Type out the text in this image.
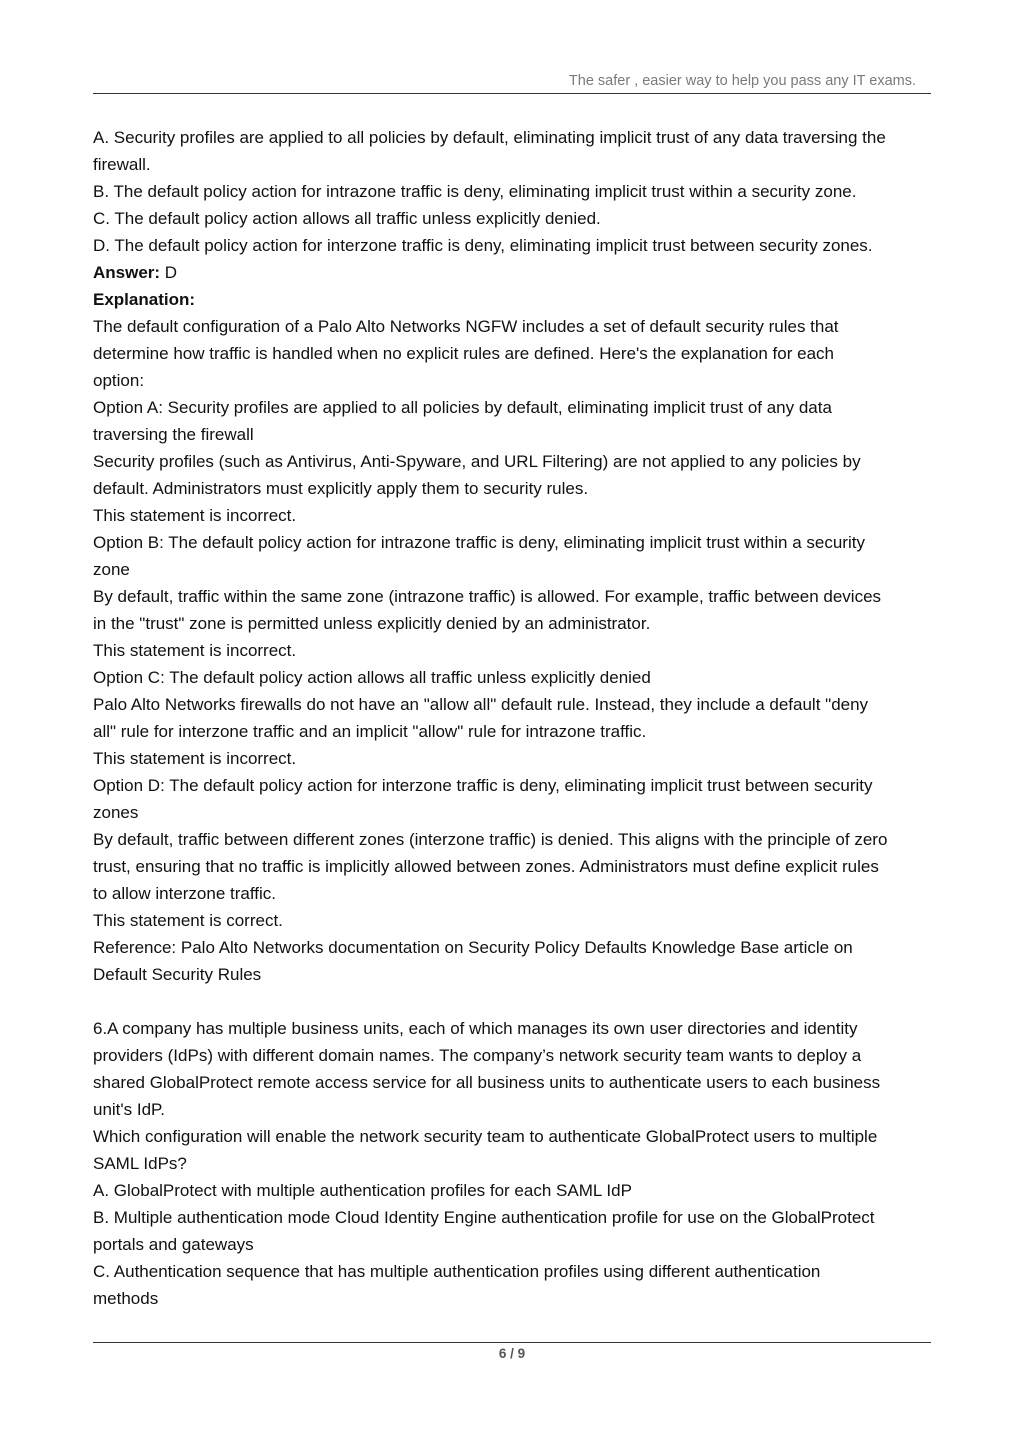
The safer , easier way to help you pass any IT exams.

A. Security profiles are applied to all policies by default, eliminating implicit trust of any data traversing the

firewall.

B. The default policy action for intrazone traffic is deny, eliminating implicit trust within a security zone.

C. The default policy action allows all traffic unless explicitly denied.

D. The default policy action for interzone traffic is deny, eliminating implicit trust between security zones.

Answer: D

Explanation:

The default configuration of a Palo Alto Networks NGFW includes a set of default security rules that

determine how traffic is handled when no explicit rules are defined. Here's the explanation for each

option:

Option A: Security profiles are applied to all policies by default, eliminating implicit trust of any data

traversing the firewall

Security profiles (such as Antivirus, Anti-Spyware, and URL Filtering) are not applied to any policies by

default. Administrators must explicitly apply them to security rules.

This statement is incorrect.

Option B: The default policy action for intrazone traffic is deny, eliminating implicit trust within a security

zone

By default, traffic within the same zone (intrazone traffic) is allowed. For example, traffic between devices

in the "trust" zone is permitted unless explicitly denied by an administrator.

This statement is incorrect.

Option C: The default policy action allows all traffic unless explicitly denied

Palo Alto Networks firewalls do not have an "allow all" default rule. Instead, they include a default "deny

all" rule for interzone traffic and an implicit "allow" rule for intrazone traffic.

This statement is incorrect.

Option D: The default policy action for interzone traffic is deny, eliminating implicit trust between security

zones

By default, traffic between different zones (interzone traffic) is denied. This aligns with the principle of zero

trust, ensuring that no traffic is implicitly allowed between zones. Administrators must define explicit rules

to allow interzone traffic.

This statement is correct.

Reference: Palo Alto Networks documentation on Security Policy Defaults Knowledge Base article on

Default Security Rules

6.A company has multiple business units, each of which manages its own user directories and identity

providers (IdPs) with different domain names. The company’s network security team wants to deploy a

shared GlobalProtect remote access service for all business units to authenticate users to each business

unit's IdP.

Which configuration will enable the network security team to authenticate GlobalProtect users to multiple

SAML IdPs?

A. GlobalProtect with multiple authentication profiles for each SAML IdP

B. Multiple authentication mode Cloud Identity Engine authentication profile for use on the GlobalProtect

portals and gateways

C. Authentication sequence that has multiple authentication profiles using different authentication

methods

6 / 9
